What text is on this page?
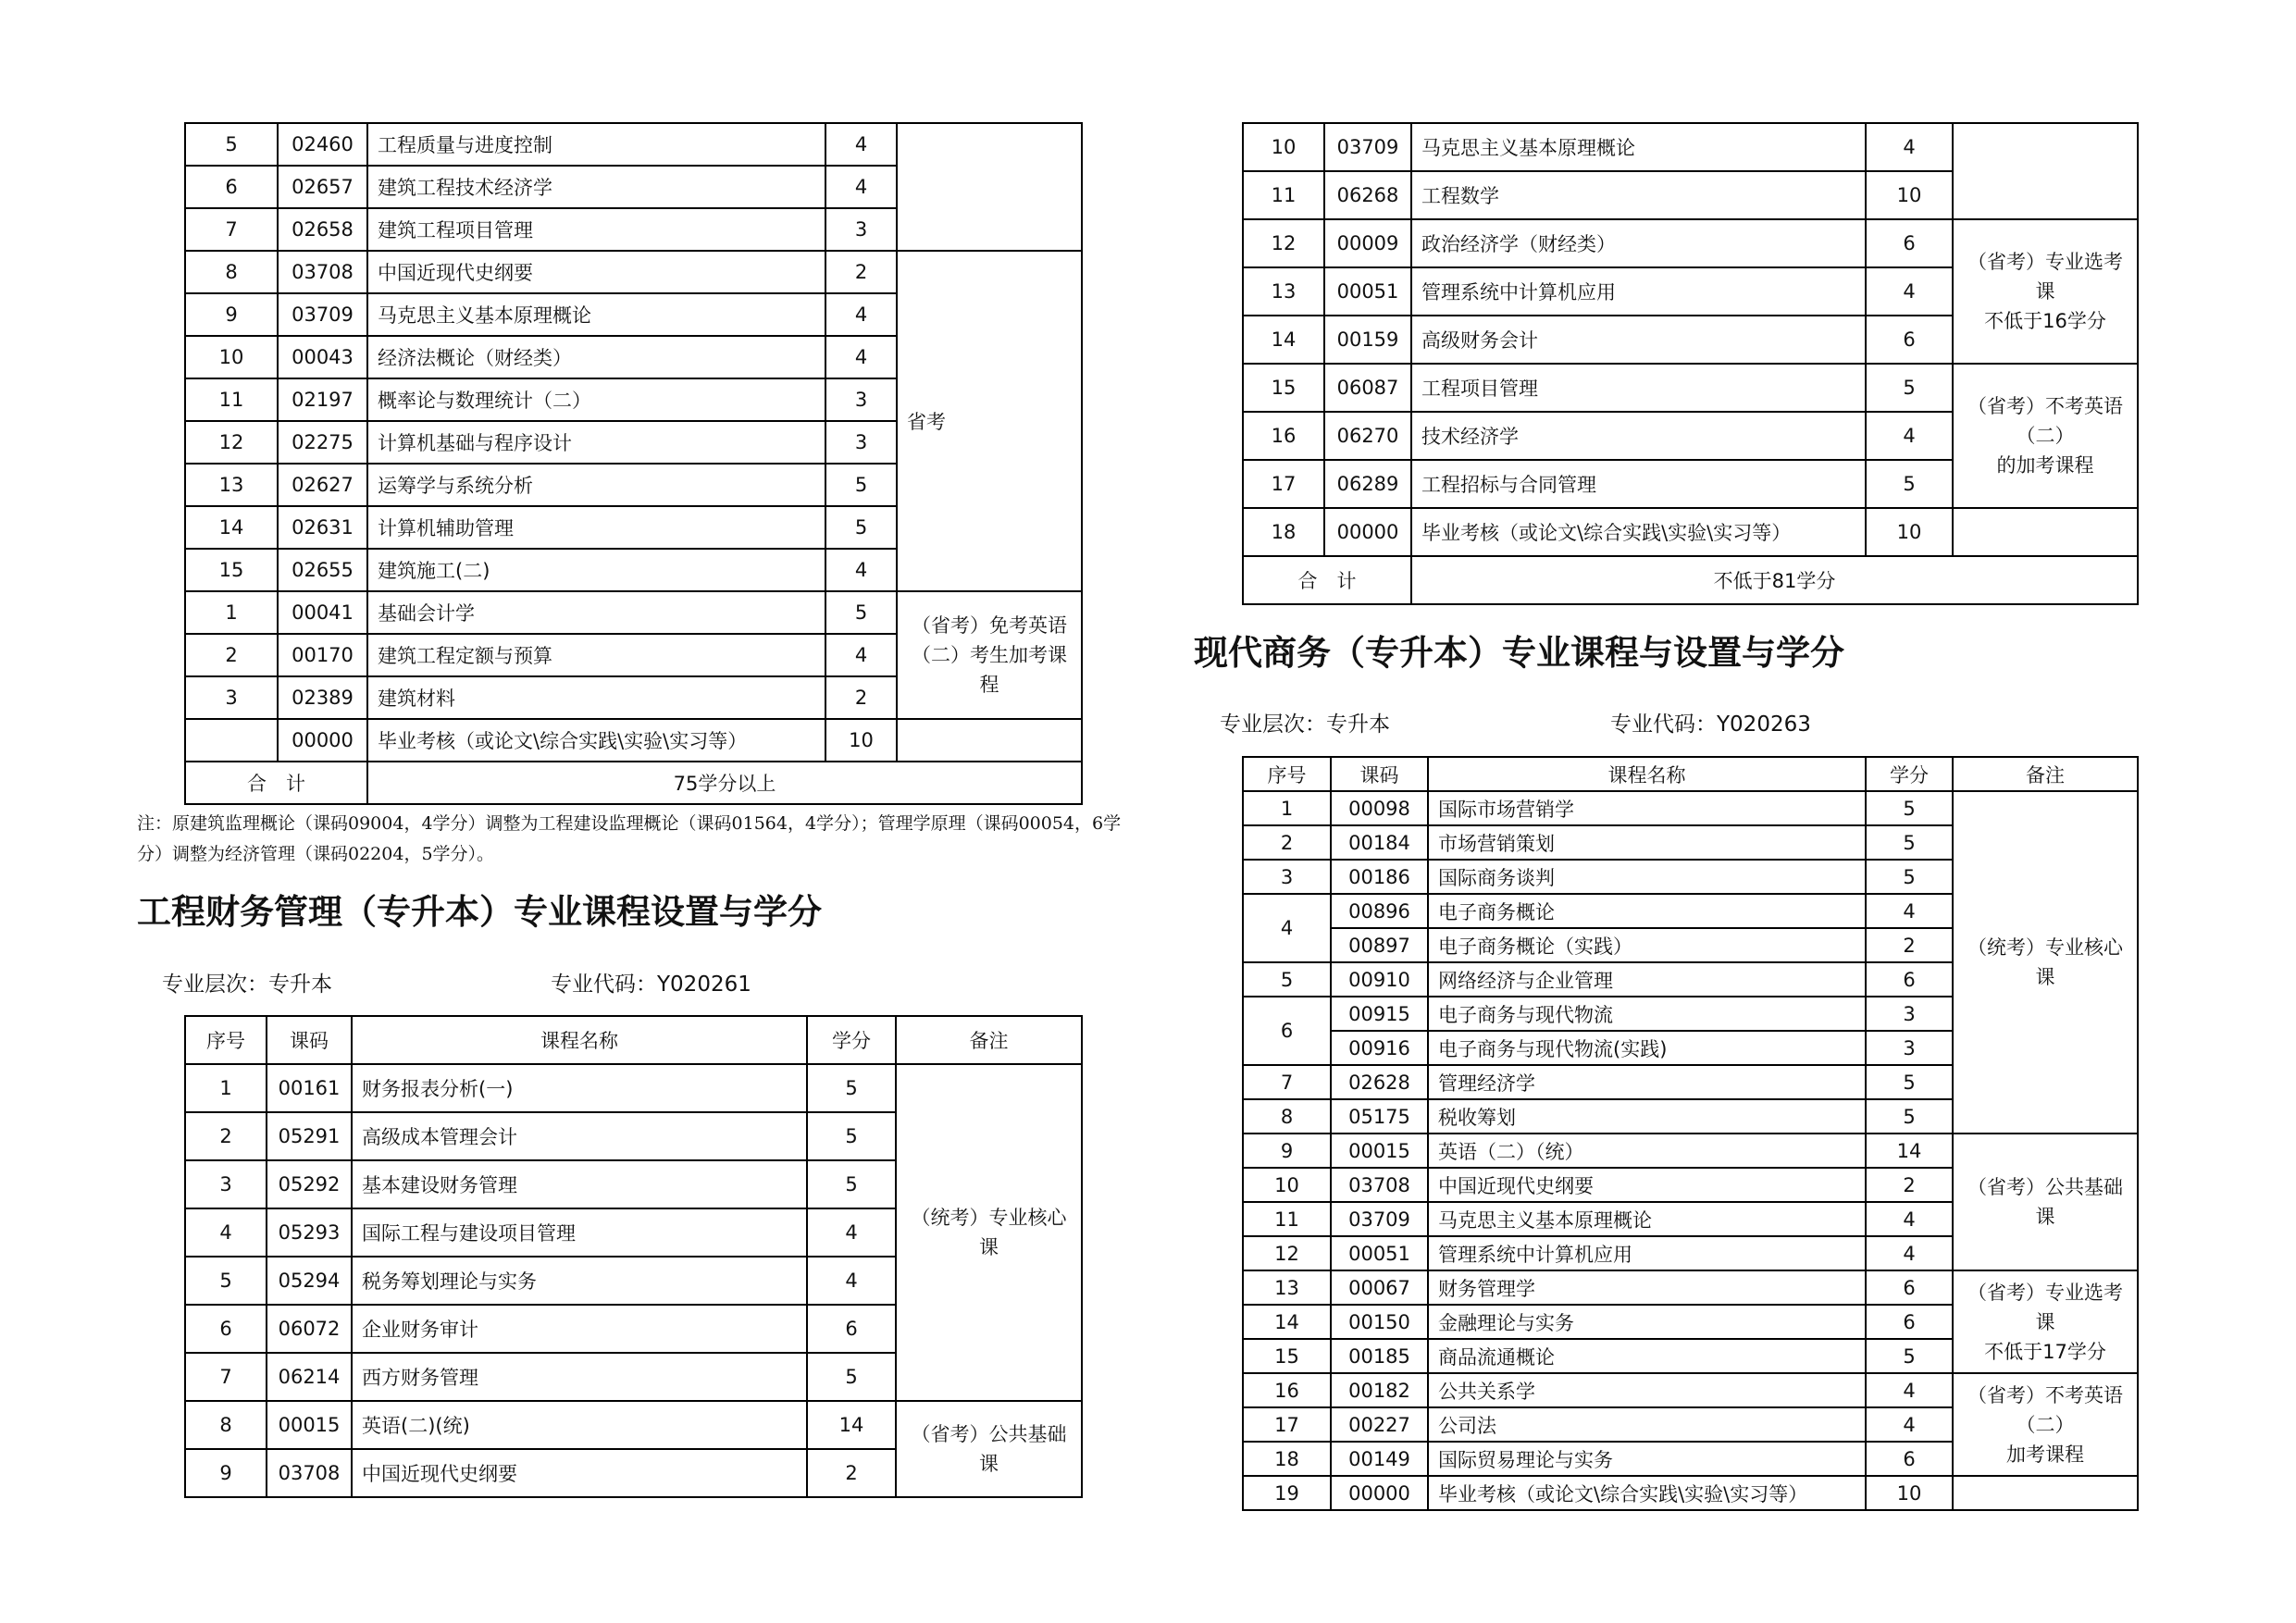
5	02460	工程质量与进度控制	4	
6	02657	建筑工程技术经济学	4	
7	02658	建筑工程项目管理	3	
8	03708	中国近现代史纲要	2	省考
9	03709	马克思主义基本原理概论	4	
10	00043	经济法概论（财经类）	4	
11	02197	概率论与数理统计（二）	3	
12	02275	计算机基础与程序设计	3	
13	02627	运筹学与系统分析	5	
14	02631	计算机辅助管理	5	
15	02655	建筑施工(二)	4	
1	00041	基础会计学	5	（省考）免考英语（二）考生加考课程
2	00170	建筑工程定额与预算	4	
3	02389	建筑材料	2	
	00000	毕业考核（或论文\综合实践\实验\实习等）	10	
合　计		75学分以上		
注：原建筑监理概论（课码09004，4学分）调整为工程建设监理概论（课码01564，4学分）；管理学原理（课码00054，6学分）调整为经济管理（课码02204，5学分）。
工程财务管理（专升本）专业课程设置与学分
专业层次：专升本	专业代码：Y020261
序号	课码	课程名称	学分	备注
1	00161	财务报表分析(一)	5	（统考）专业核心课
2	05291	高级成本管理会计	5	
3	05292	基本建设财务管理	5	
4	05293	国际工程与建设项目管理	4	
5	05294	税务筹划理论与实务	4	
6	06072	企业财务审计	6	
7	06214	西方财务管理	5	
8	00015	英语(二)(统)	14	（省考）公共基础课
9	03708	中国近现代史纲要	2	
10	03709	马克思主义基本原理概论	4	
11	06268	工程数学	10	
12	00009	政治经济学（财经类）	6	（省考）专业选考课
不低于16学分

13	00051	管理系统中计算机应用	4	
14	00159	高级财务会计	6	
15	06087	工程项目管理	5	（省考）不考英语（二）
的加考课程

16	06270	技术经济学	4	
17	06289	工程招标与合同管理	5	
18	00000	毕业考核（或论文\综合实践\实验\实习等）	10	
合　计		不低于81学分		
现代商务（专升本）专业课程与设置与学分
专业层次：专升本	专业代码：Y020263
序号	课码	课程名称	学分	备注
1	00098	国际市场营销学	5	（统考）专业核心课
2	00184	市场营销策划	5	
3	00186	国际商务谈判	5	
4	00896	电子商务概论	4	
	00897	电子商务概论（实践）	2	
5	00910	网络经济与企业管理	6	
6	00915	电子商务与现代物流	3	
	00916	电子商务与现代物流(实践)	3	
7	02628	管理经济学	5	
8	05175	税收筹划	5	
9	00015	英语（二）（统）	14	（省考）公共基础课
10	03708	中国近现代史纲要	2	
11	03709	马克思主义基本原理概论	4	
12	00051	管理系统中计算机应用	4	
13	00067	财务管理学	6	（省考）专业选考课
不低于17学分

14	00150	金融理论与实务	6	
15	00185	商品流通概论	5	
16	00182	公共关系学	4	（省考）不考英语（二）
加考课程

17	00227	公司法	4	
18	00149	国际贸易理论与实务	6	
19	00000	毕业考核（或论文\综合实践\实验\实习等）	10	
